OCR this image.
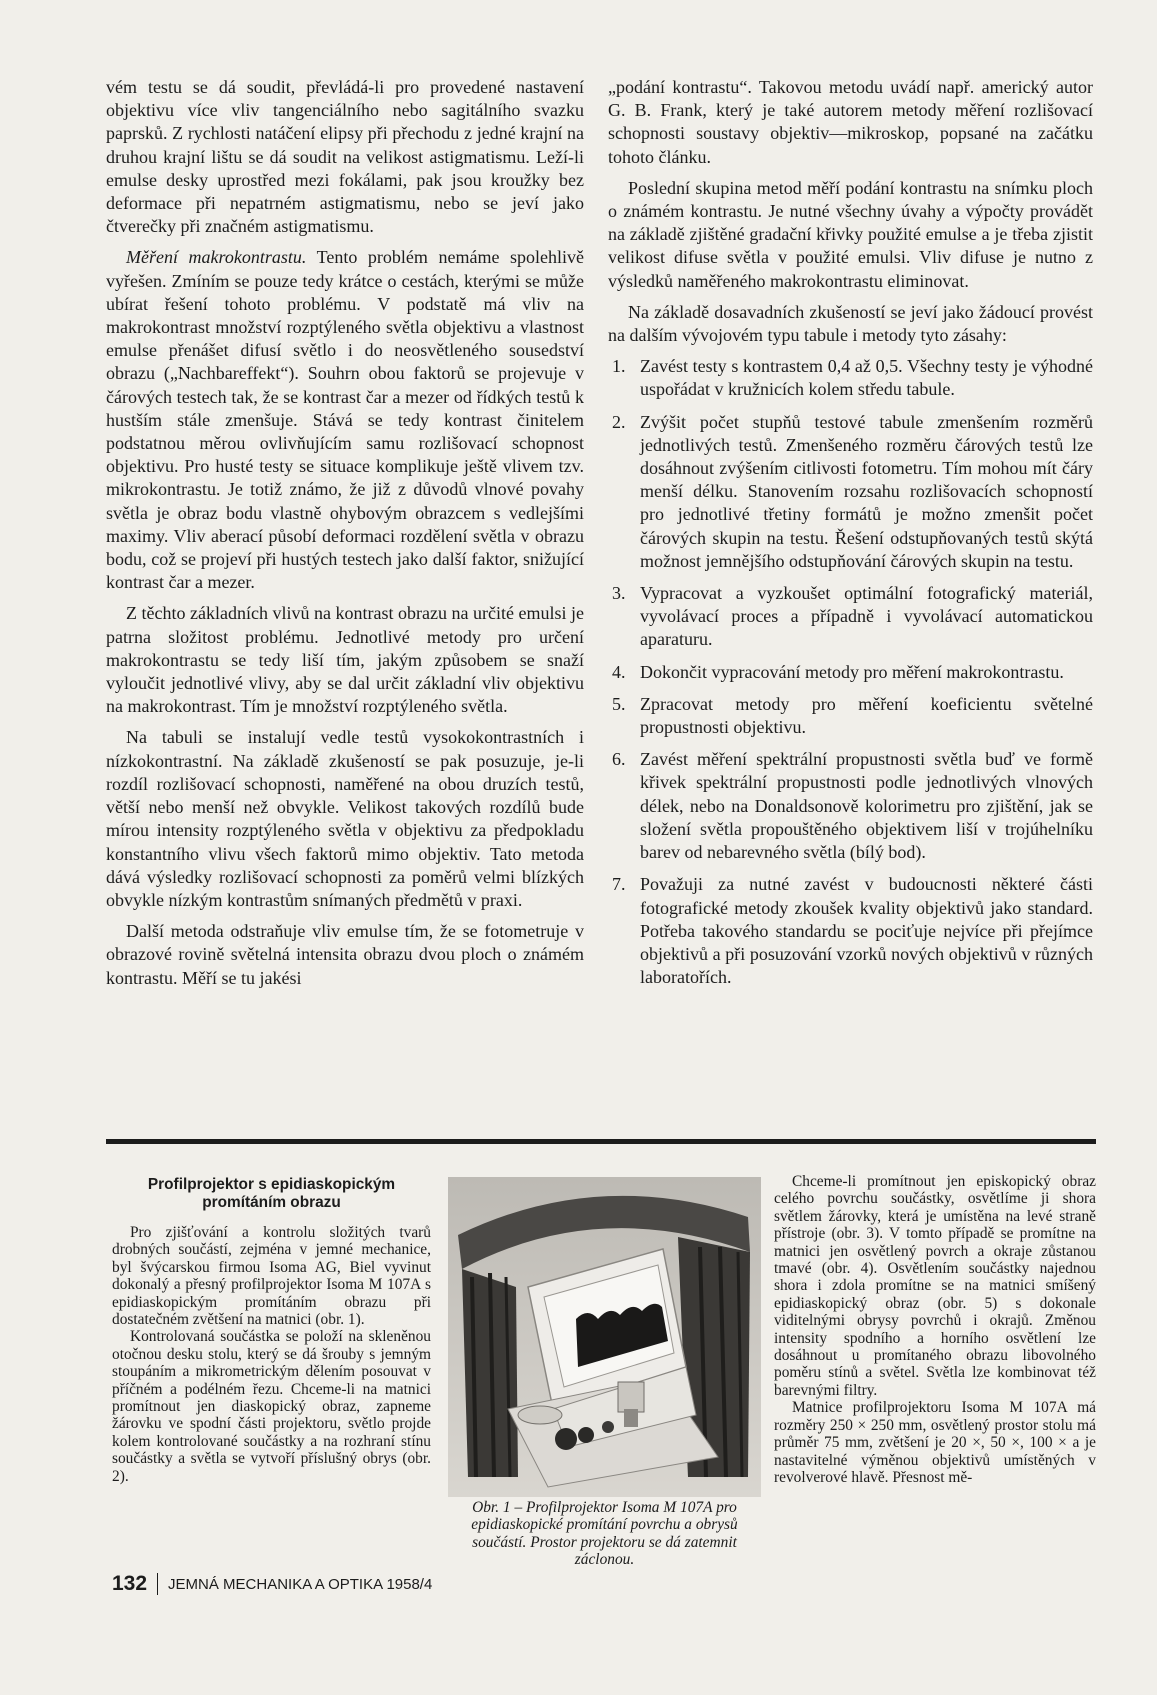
vém testu se dá soudit, převládá-li pro provedené nastavení objektivu více vliv tangenciálního nebo sagitálního svazku paprsků. Z rychlosti natáčení elipsy při přechodu z jedné krajní na druhou krajní lištu se dá soudit na velikost astigmatismu. Leží-li emulse desky uprostřed mezi fokálami, pak jsou kroužky bez deformace při nepatrném astigmatismu, nebo se jeví jako čtverečky při značném astigmatismu.

Měření makrokontrastu. Tento problém nemáme spolehlivě vyřešen. Zmíním se pouze tedy krátce o cestách, kterými se může ubírat řešení tohoto problému. V podstatě má vliv na makrokontrast množství rozptýleného světla objektivu a vlastnost emulse přenášet difusí světlo i do neosvětleného sousedství obrazu („Nachbareffekt“). Souhrn obou faktorů se projevuje v čárových testech tak, že se kontrast čar a mezer od řídkých testů k hustším stále zmenšuje. Stává se tedy kontrast činitelem podstatnou měrou ovlivňujícím samu rozlišovací schopnost objektivu. Pro husté testy se situace komplikuje ještě vlivem tzv. mikrokontrastu. Je totiž známo, že již z důvodů vlnové povahy světla je obraz bodu vlastně ohybovým obrazcem s vedlejšími maximy. Vliv aberací působí deformaci rozdělení světla v obrazu bodu, což se projeví při hustých testech jako další faktor, snižující kontrast čar a mezer.

Z těchto základních vlivů na kontrast obrazu na určité emulsi je patrna složitost problému. Jednotlivé metody pro určení makrokontrastu se tedy liší tím, jakým způsobem se snaží vyloučit jednotlivé vlivy, aby se dal určit základní vliv objektivu na makrokontrast. Tím je množství rozptýleného světla.

Na tabuli se instalují vedle testů vysokokontrastních i nízkokontrastní. Na základě zkušeností se pak posuzuje, je-li rozdíl rozlišovací schopnosti, naměřené na obou druzích testů, větší nebo menší než obvykle. Velikost takových rozdílů bude mírou intensity rozptýleného světla v objektivu za předpokladu konstantního vlivu všech faktorů mimo objektiv. Tato metoda dává výsledky rozlišovací schopnosti za poměrů velmi blízkých obvykle nízkým kontrastům snímaných předmětů v praxi.

Další metoda odstraňuje vliv emulse tím, že se fotometruje v obrazové rovině světelná intensita obrazu dvou ploch o známém kontrastu. Měří se tu jakési

„podání kontrastu“. Takovou metodu uvádí např. americký autor G. B. Frank, který je také autorem metody měření rozlišovací schopnosti soustavy objektiv—mikroskop, popsané na začátku tohoto článku.

Poslední skupina metod měří podání kontrastu na snímku ploch o známém kontrastu. Je nutné všechny úvahy a výpočty provádět na základě zjištěné gradační křivky použité emulse a je třeba zjistit velikost difuse světla v použité emulsi. Vliv difuse je nutno z výsledků naměřeného makrokontrastu eliminovat.

Na základě dosavadních zkušeností se jeví jako žádoucí provést na dalším vývojovém typu tabule i metody tyto zásahy:

1. Zavést testy s kontrastem 0,4 až 0,5. Všechny testy je výhodné uspořádat v kružnicích kolem středu tabule.
2. Zvýšit počet stupňů testové tabule zmenšením rozměrů jednotlivých testů. Zmenšeného rozměru čárových testů lze dosáhnout zvýšením citlivosti fotometru. Tím mohou mít čáry menší délku. Stanovením rozsahu rozlišovacích schopností pro jednotlivé třetiny formátů je možno zmenšit počet čárových skupin na testu. Řešení odstupňovaných testů skýtá možnost jemnějšího odstupňování čárových skupin na testu.
3. Vypracovat a vyzkoušet optimální fotografický materiál, vyvolávací proces a případně i vyvolávací automatickou aparaturu.
4. Dokončit vypracování metody pro měření makrokontrastu.
5. Zpracovat metody pro měření koeficientu světelné propustnosti objektivu.
6. Zavést měření spektrální propustnosti světla buď ve formě křivek spektrální propustnosti podle jednotlivých vlnových délek, nebo na Donaldsonově kolorimetru pro zjištění, jak se složení světla propouštěného objektivem liší v trojúhelníku barev od nebarevného světla (bílý bod).
7. Považuji za nutné zavést v budoucnosti některé části fotografické metody zkoušek kvality objektivů jako standard. Potřeba takového standardu se pociťuje nejvíce při přejímce objektivů a při posuzování vzorků nových objektivů v různých laboratořích.
Profilprojektor s epidiaskopickým
promítáním obrazu

Pro zjišťování a kontrolu složitých tvarů drobných součástí, zejména v jemné mechanice, byl švýcarskou firmou Isoma AG, Biel vyvinut dokonalý a přesný profilprojektor Isoma M 107A s epidiaskopickým promítáním obrazu při dostatečném zvětšení na matnici (obr. 1).

Kontrolovaná součástka se položí na skleněnou otočnou desku stolu, který se dá šrouby s jemným stoupáním a mikrometrickým dělením posouvat v příčném a podélném řezu. Chceme-li na matnici promítnout jen diaskopický obraz, zapneme žárovku ve spodní části projektoru, světlo projde kolem kontrolované součástky a na rozhraní stínu součástky a světla se vytvoří příslušný obrys (obr. 2).

Obr. 1 – Profilprojektor Isoma M 107A pro epidiaskopické promítání povrchu a obrysů součástí. Prostor projektoru se dá zatemnit záclonou.

Chceme-li promítnout jen episkopický obraz celého povrchu součástky, osvětlíme ji shora světlem žárovky, která je umístěna na levé straně přístroje (obr. 3). V tomto případě se promítne na matnici jen osvětlený povrch a okraje zůstanou tmavé (obr. 4). Osvětlením součástky najednou shora i zdola promítne se na matnici smíšený epidiaskopický obraz (obr. 5) s dokonale viditelnými obrysy povrchů i okrajů. Změnou intensity spodního a horního osvětlení lze dosáhnout u promítaného obrazu libovolného poměru stínů a světel. Světla lze kombinovat též barevnými filtry.

Matnice profilprojektoru Isoma M 107A má rozměry 250 × 250 mm, osvětlený prostor stolu má průměr 75 mm, zvětšení je 20 ×, 50 ×, 100 × a je nastavitelné výměnou objektivů umístěných v revolverové hlavě. Přesnost mě-

132 JEMNÁ MECHANIKA A OPTIKA 1958/4
